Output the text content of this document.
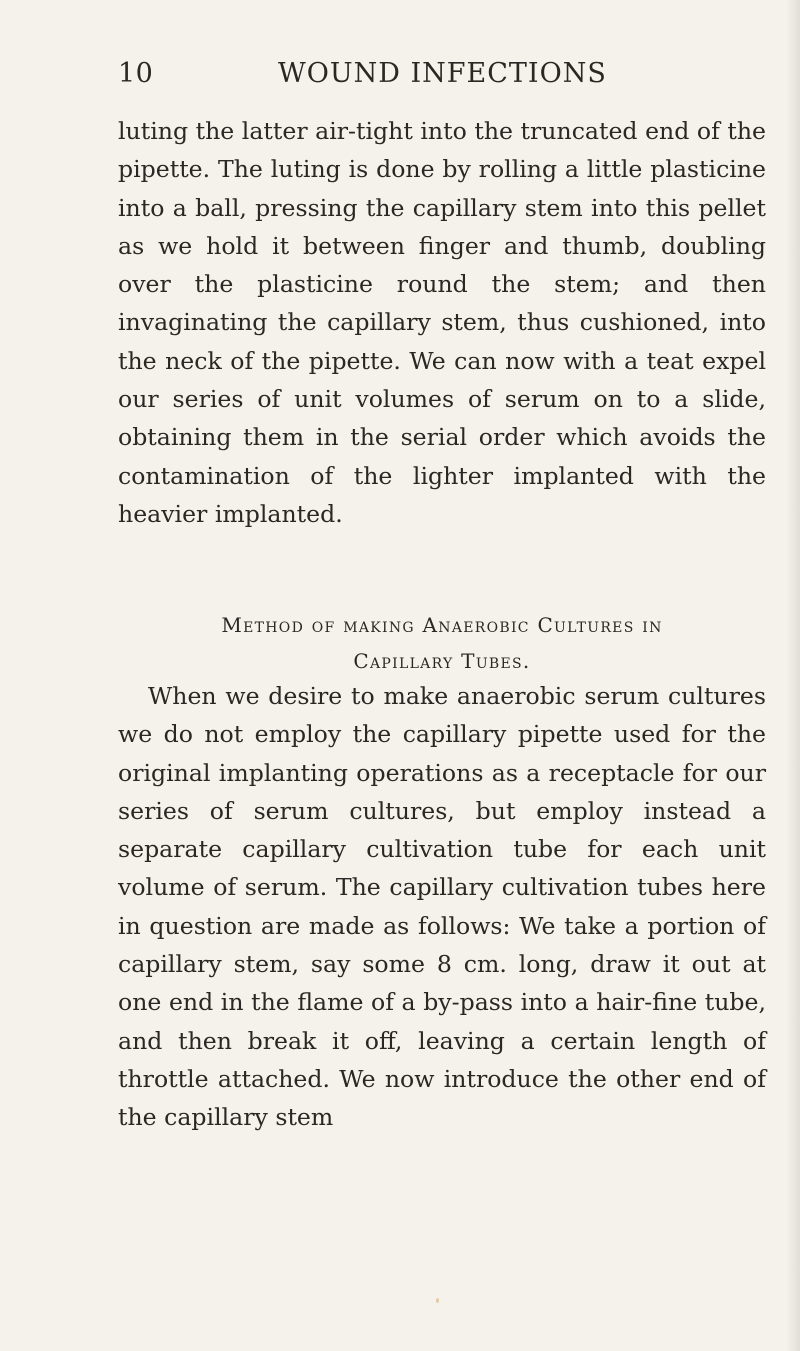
10	WOUND INFECTIONS

luting the latter air-tight into the truncated end of the pipette. The luting is done by rolling a little plasticine into a ball, pressing the capillary stem into this pellet as we hold it between finger and thumb, doubling over the plasticine round the stem; and then invaginating the capillary stem, thus cushioned, into the neck of the pipette. We can now with a teat expel our series of unit volumes of serum on to a slide, obtaining them in the serial order which avoids the contamination of the lighter implanted with the heavier implanted.

Method of making Anaerobic Cultures in
Capillary Tubes.

When we desire to make anaerobic serum cultures we do not employ the capillary pipette used for the original implanting operations as a receptacle for our series of serum cultures, but employ instead a separate capillary cultivation tube for each unit volume of serum. The capillary cultivation tubes here in question are made as follows: We take a portion of capillary stem, say some 8 cm. long, draw it out at one end in the flame of a by-pass into a hair-fine tube, and then break it off, leaving a certain length of throttle attached. We now introduce the other end of the capillary stem
